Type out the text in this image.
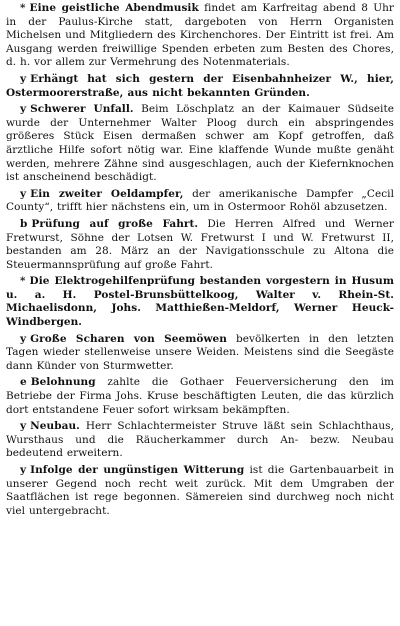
* Eine geistliche Abendmusik findet am Karfreitag abend 8 Uhr in der Paulus-Kirche statt, dargeboten von Herrn Organisten Michelsen und Mitgliedern des Kirchenchores. Der Eintritt ist frei. Am Ausgang werden freiwillige Spenden erbeten zum Besten des Chores, d. h. vor allem zur Vermehrung des Notenmaterials.

y Erhängt hat sich gestern der Eisenbahnheizer W., hier, Ostermoorerstraße, aus nicht bekannten Gründen.

y Schwerer Unfall. Beim Löschplatz an der Kaimauer Südseite wurde der Unternehmer Walter Ploog durch ein abspringendes größeres Stück Eisen dermaßen schwer am Kopf getroffen, daß ärztliche Hilfe sofort nötig war. Eine klaffende Wunde mußte genäht werden, mehrere Zähne sind ausgeschlagen, auch der Kiefernknochen ist anscheinend beschädigt.

y Ein zweiter Oeldampfer, der amerikanische Dampfer „Cecil County“, trifft hier nächstens ein, um in Ostermoor Rohöl abzusetzen.

b Prüfung auf große Fahrt. Die Herren Alfred und Werner Fretwurst, Söhne der Lotsen W. Fretwurst I und W. Fretwurst II, bestanden am 28. März an der Navigationsschule zu Altona die Steuermannsprüfung auf große Fahrt.

* Die Elektrogehilfenprüfung bestanden vorgestern in Husum u. a. H. Postel-Brunsbüttelkoog, Walter v. Rhein-St. Michaelisdonn, Johs. Matthießen-Meldorf, Werner Heuck-Windbergen.

y Große Scharen von Seemöwen bevölkerten in den letzten Tagen wieder stellenweise unsere Weiden. Meistens sind die Seegäste dann Künder von Sturmwetter.

e Belohnung zahlte die Gothaer Feuerversicherung den im Betriebe der Firma Johs. Kruse beschäftigten Leuten, die das kürzlich dort entstandene Feuer sofort wirksam bekämpften.

y Neubau. Herr Schlachtermeister Struve läßt sein Schlachthaus, Wursthaus und die Räucherkammer durch An- bezw. Neubau bedeutend erweitern.

y Infolge der ungünstigen Witterung ist die Gartenbauarbeit in unserer Gegend noch recht weit zurück. Mit dem Umgraben der Saatflächen ist rege begonnen. Sämereien sind durchweg noch nicht viel untergebracht.
